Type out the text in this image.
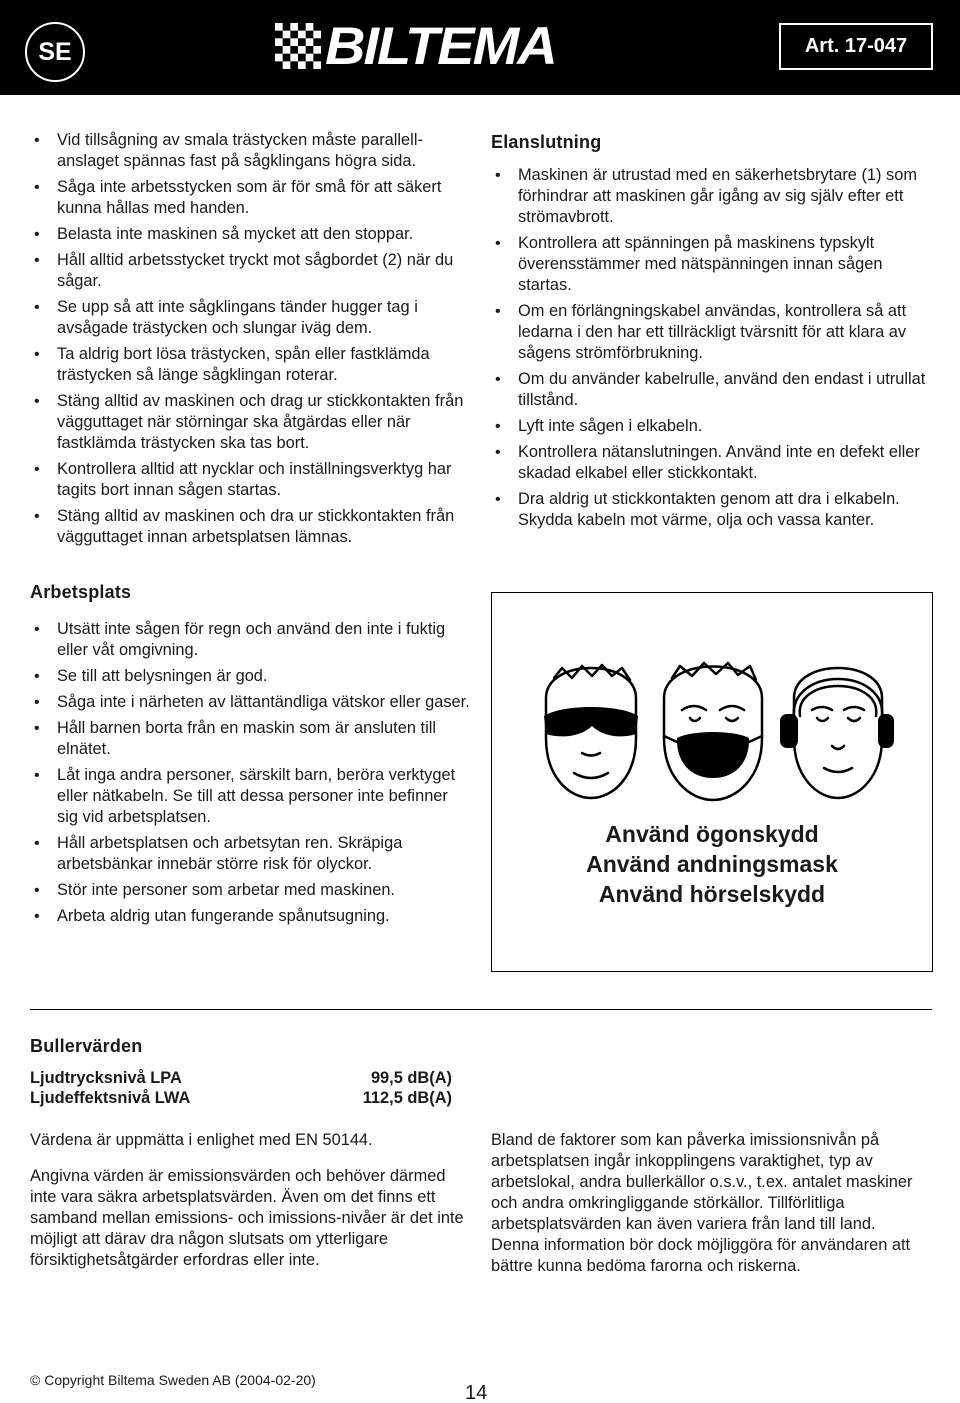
SE	BILTEMA	Art. 17-047
• Vid tillsågning av smala trästycken måste parallell-anslaget spännas fast på sågklingans högra sida.
• Såga inte arbetsstycken som är för små för att säkert kunna hållas med handen.
• Belasta inte maskinen så mycket att den stoppar.
• Håll alltid arbetsstycket tryckt mot sågbordet (2) när du sågar.
• Se upp så att inte sågklingans tänder hugger tag i avsågade trästycken och slungar iväg dem.
• Ta aldrig bort lösa trästycken, spån eller fastklämda trästycken så länge sågklingan roterar.
• Stäng alltid av maskinen och drag ur stickkontakten från vägguttaget när störningar ska åtgärdas eller när fastklämda trästycken ska tas bort.
• Kontrollera alltid att nycklar och inställningsverktyg har tagits bort innan sågen startas.
• Stäng alltid av maskinen och dra ur stickkontakten från vägguttaget innan arbetsplatsen lämnas.
Elanslutning
• Maskinen är utrustad med en säkerhetsbrytare (1) som förhindrar att maskinen går igång av sig själv efter ett strömavbrott.
• Kontrollera att spänningen på maskinens typskylt överensstämmer med nätspänningen innan sågen startas.
• Om en förlängningskabel användas, kontrollera så att ledarna i den har ett tillräckligt tvärsnitt för att klara av sågens strömförbrukning.
• Om du använder kabelrulle, använd den endast i utrullat tillstånd.
• Lyft inte sågen i elkabeln.
• Kontrollera nätanslutningen. Använd inte en defekt eller skadad elkabel eller stickkontakt.
• Dra aldrig ut stickkontakten genom att dra i elkabeln. Skydda kabeln mot värme, olja och vassa kanter.
Arbetsplats
• Utsätt inte sågen för regn och använd den inte i fuktig eller våt omgivning.
• Se till att belysningen är god.
• Såga inte i närheten av lättantändliga vätskor eller gaser.
• Håll barnen borta från en maskin som är ansluten till elnätet.
• Låt inga andra personer, särskilt barn, beröra verktyget eller nätkabeln. Se till att dessa personer inte befinner sig vid arbetsplatsen.
• Håll arbetsplatsen och arbetsytan ren. Skräpiga arbetsbänkar innebär större risk för olyckor.
• Stör inte personer som arbetar med maskinen.
• Arbeta aldrig utan fungerande spånutsugning.
Använd ögonskydd
Använd andningsmask
Använd hörselskydd
Bullervärden
Ljudtrycksnivå LPA	99,5 dB(A)
Ljudeffektsnivå LWA	112,5 dB(A)

Värdena är uppmätta i enlighet med EN 50144.

Angivna värden är emissionsvärden och behöver därmed inte vara säkra arbetsplatsvärden. Även om det finns ett samband mellan emissions- och imissions-nivåer är det inte möjligt att därav dra någon slutsats om ytterligare försiktighetsåtgärder erfordras eller inte.

Bland de faktorer som kan påverka imissionsnivån på arbetsplatsen ingår inkopplingens varaktighet, typ av arbetslokal, andra bullerkällor o.s.v., t.ex. antalet maskiner och andra omkringliggande störkällor. Tillförlitliga arbetsplatsvärden kan även variera från land till land. Denna information bör dock möjliggöra för användaren att bättre kunna bedöma farorna och riskerna.

© Copyright Biltema Sweden AB (2004-02-20)
14
